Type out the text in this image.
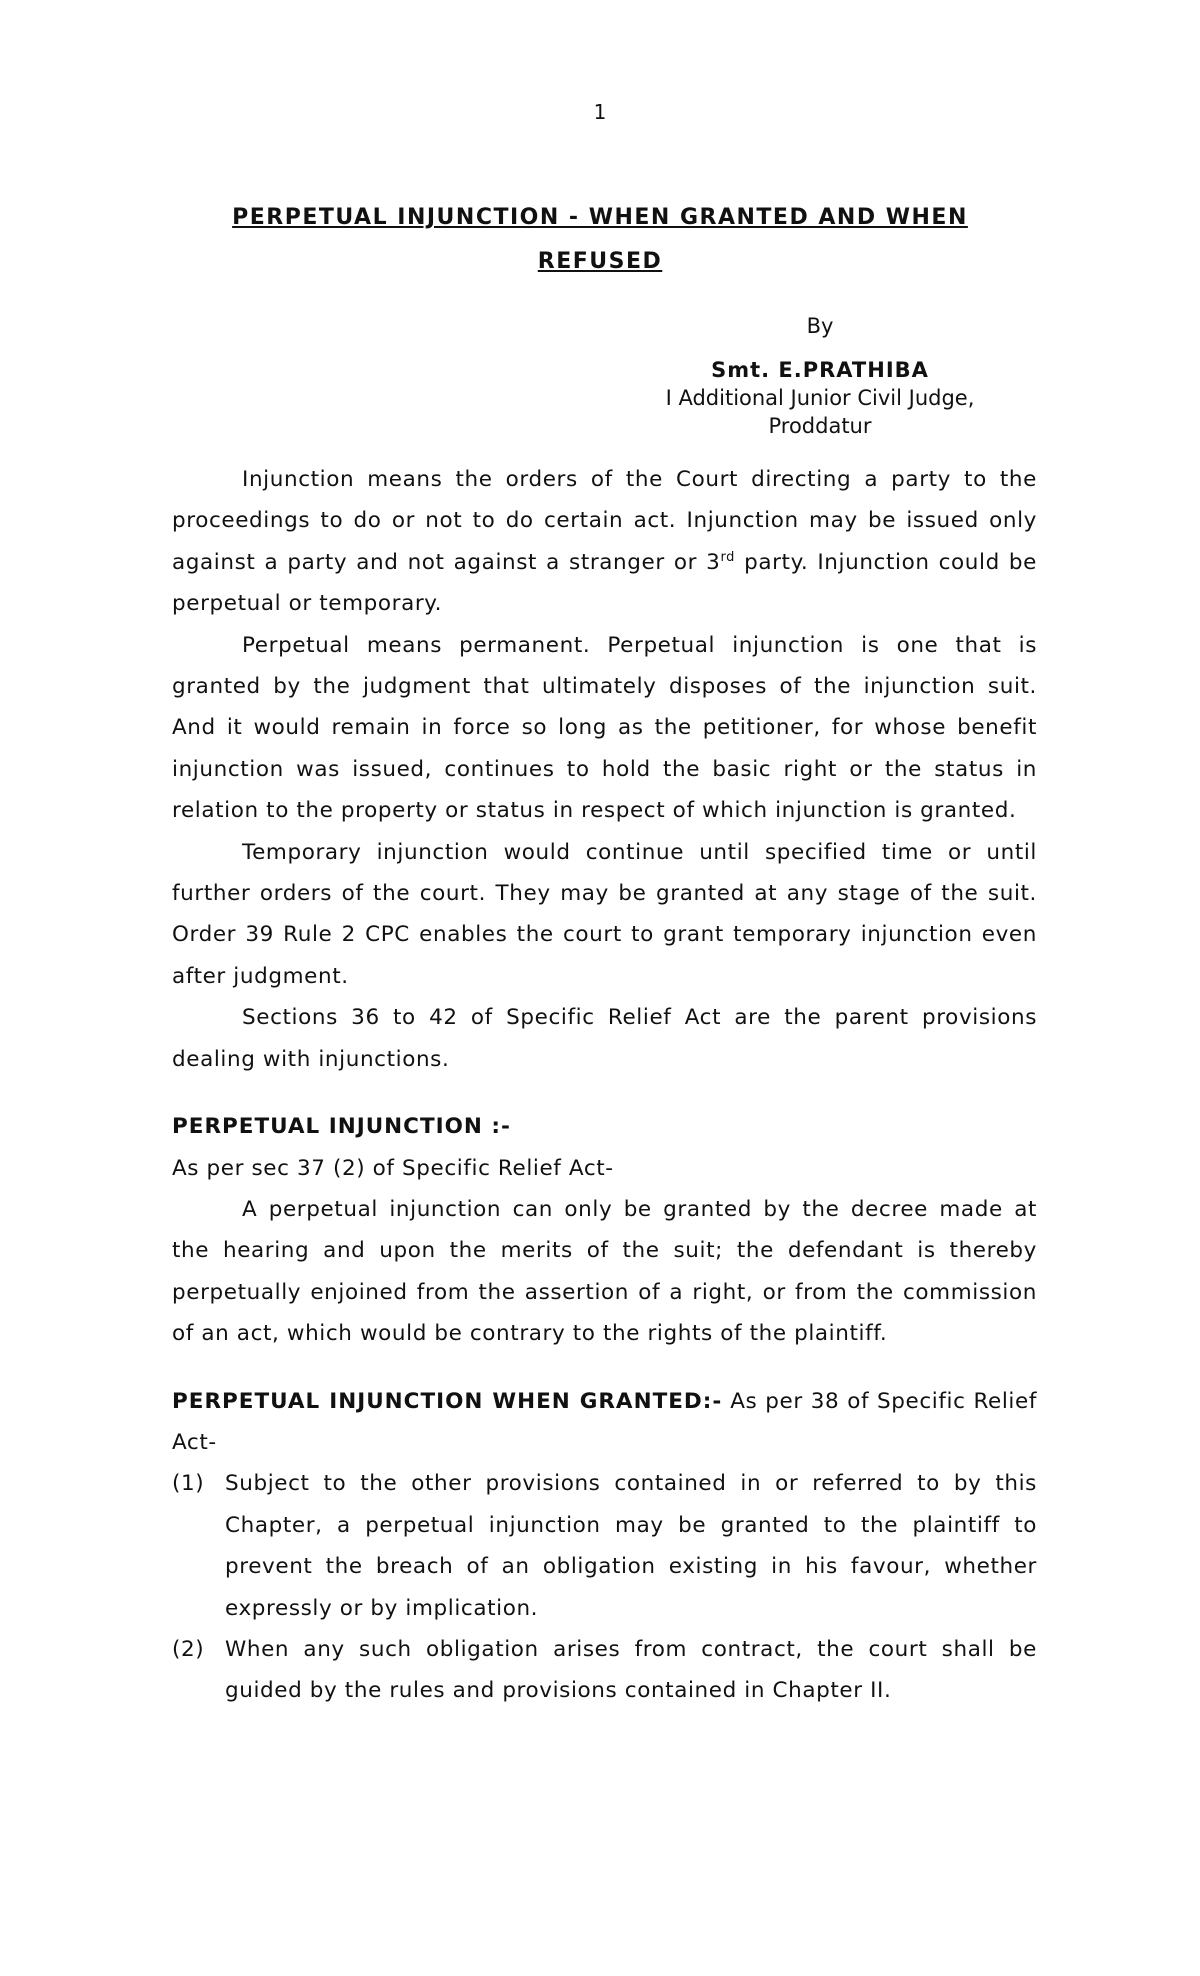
1
PERPETUAL INJUNCTION - WHEN GRANTED AND WHEN
REFUSED
By
Smt. E.PRATHIBA
I Additional Junior Civil Judge,
Proddatur

Injunction means the orders of the Court directing a party to the proceedings to do or not to do certain act. Injunction may be issued only against a party and not against a stranger or 3rd party. Injunction could be perpetual or temporary.

Perpetual means permanent. Perpetual injunction is one that is granted by the judgment that ultimately disposes of the injunction suit. And it would remain in force so long as the petitioner, for whose benefit injunction was issued, continues to hold the basic right or the status in relation to the property or status in respect of which injunction is granted.

Temporary injunction would continue until specified time or until further orders of the court. They may be granted at any stage of the suit. Order 39 Rule 2 CPC enables the court to grant temporary injunction even after judgment.

Sections 36 to 42 of Specific Relief Act are the parent provisions dealing with injunctions.

PERPETUAL INJUNCTION :-

As per sec 37 (2) of Specific Relief Act-

A perpetual injunction can only be granted by the decree made at the hearing and upon the merits of the suit; the defendant is thereby perpetually enjoined from the assertion of a right, or from the commission of an act, which would be contrary to the rights of the plaintiff.

PERPETUAL INJUNCTION WHEN GRANTED:- As per 38 of Specific Relief Act-

(1) Subject to the other provisions contained in or referred to by this Chapter, a perpetual injunction may be granted to the plaintiff to prevent the breach of an obligation existing in his favour, whether expressly or by implication.
(2) When any such obligation arises from contract, the court shall be guided by the rules and provisions contained in Chapter II.
